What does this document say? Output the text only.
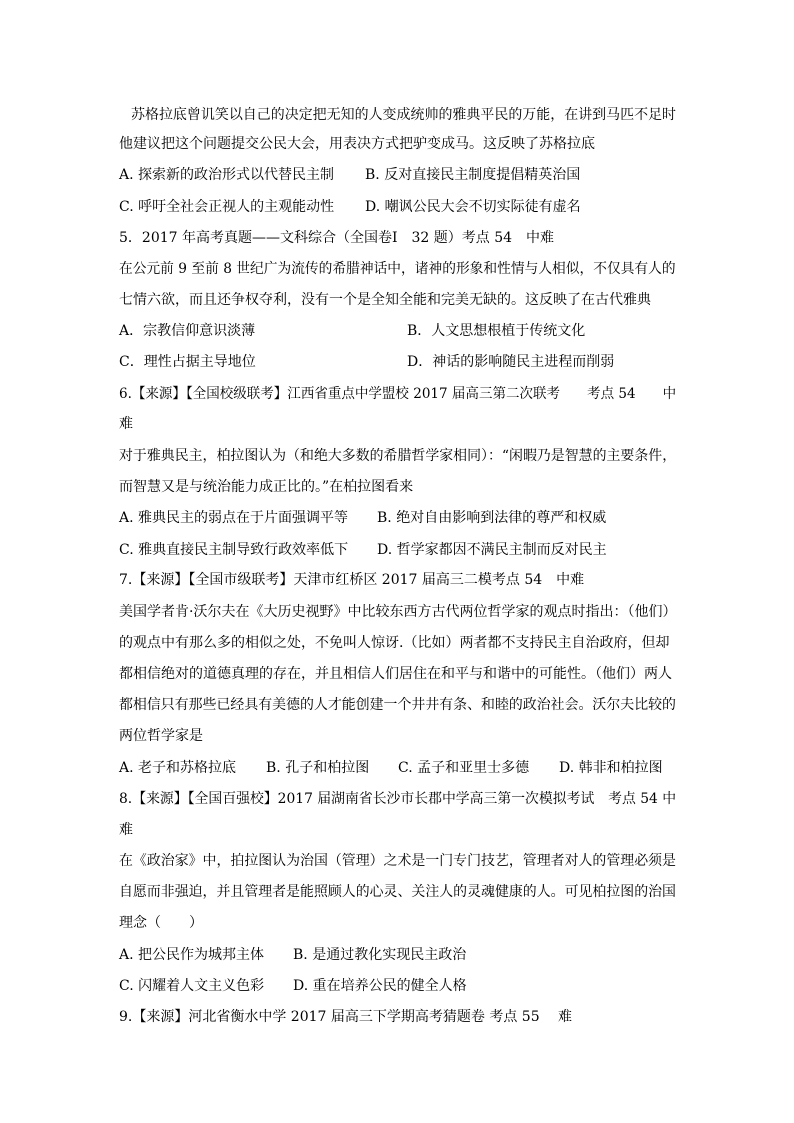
苏格拉底曾讥笑以自己的决定把无知的人变成统帅的雅典平民的万能，在讲到马匹不足时
他建议把这个问题提交公民大会，用表决方式把驴变成马。这反映了苏格拉底
A. 探索新的政治形式以代替民主制 B. 反对直接民主制度提倡精英治国
C. 呼吁全社会正视人的主观能动性 D. 嘲讽公民大会不切实际徒有虚名
5．2017 年高考真题——文科综合（全国卷Ⅰ　32 题）考点 54　中难
在公元前 9 至前 8 世纪广为流传的希腊神话中，诸神的形象和性情与人相似，不仅具有人的
七情六欲，而且还争权夺利，没有一个是全知全能和完美无缺的。这反映了在古代雅典
A．宗教信仰意识淡薄	B．人文思想根植于传统文化
C．理性占据主导地位	D．神话的影响随民主进程而削弱
6.【来源】【全国校级联考】江西省重点中学盟校 2017 届高三第二次联考　　考点 54　　中
难
对于雅典民主，柏拉图认为（和绝大多数的希腊哲学家相同）：“闲暇乃是智慧的主要条件，
而智慧又是与统治能力成正比的。”在柏拉图看来
A. 雅典民主的弱点在于片面强调平等 B. 绝对自由影响到法律的尊严和权威
C. 雅典直接民主制导致行政效率低下 D. 哲学家都因不满民主制而反对民主
7.【来源】【全国市级联考】天津市红桥区 2017 届高三二模考点 54　中难
美国学者肯·沃尔夫在《大历史视野》中比较东西方古代两位哲学家的观点时指出：（他们）
的观点中有那么多的相似之处，不免叫人惊讶.（比如）两者都不支持民主自治政府，但却
都相信绝对的道德真理的存在，并且相信人们居住在和平与和谐中的可能性。（他们）两人
都相信只有那些已经具有美德的人才能创建一个井井有条、和睦的政治社会。沃尔夫比较的
两位哲学家是
A. 老子和苏格拉底 B. 孔子和柏拉图 C. 孟子和亚里士多德 D. 韩非和柏拉图
8.【来源】【全国百强校】2017 届湖南省长沙市长郡中学高三第一次模拟考试　考点 54 中
难
在《政治家》中，拍拉图认为治国（管理）之术是一门专门技艺，管理者对人的管理必须是
自愿而非强迫，并且管理者是能照顾人的心灵、关注人的灵魂健康的人。可见柏拉图的治国
理念（　　）
A. 把公民作为城邦主体 B. 是通过教化实现民主政治
C. 闪耀着人文主义色彩 D. 重在培养公民的健全人格
9.【来源】河北省衡水中学 2017 届高三下学期高考猜题卷 考点 55　 难
